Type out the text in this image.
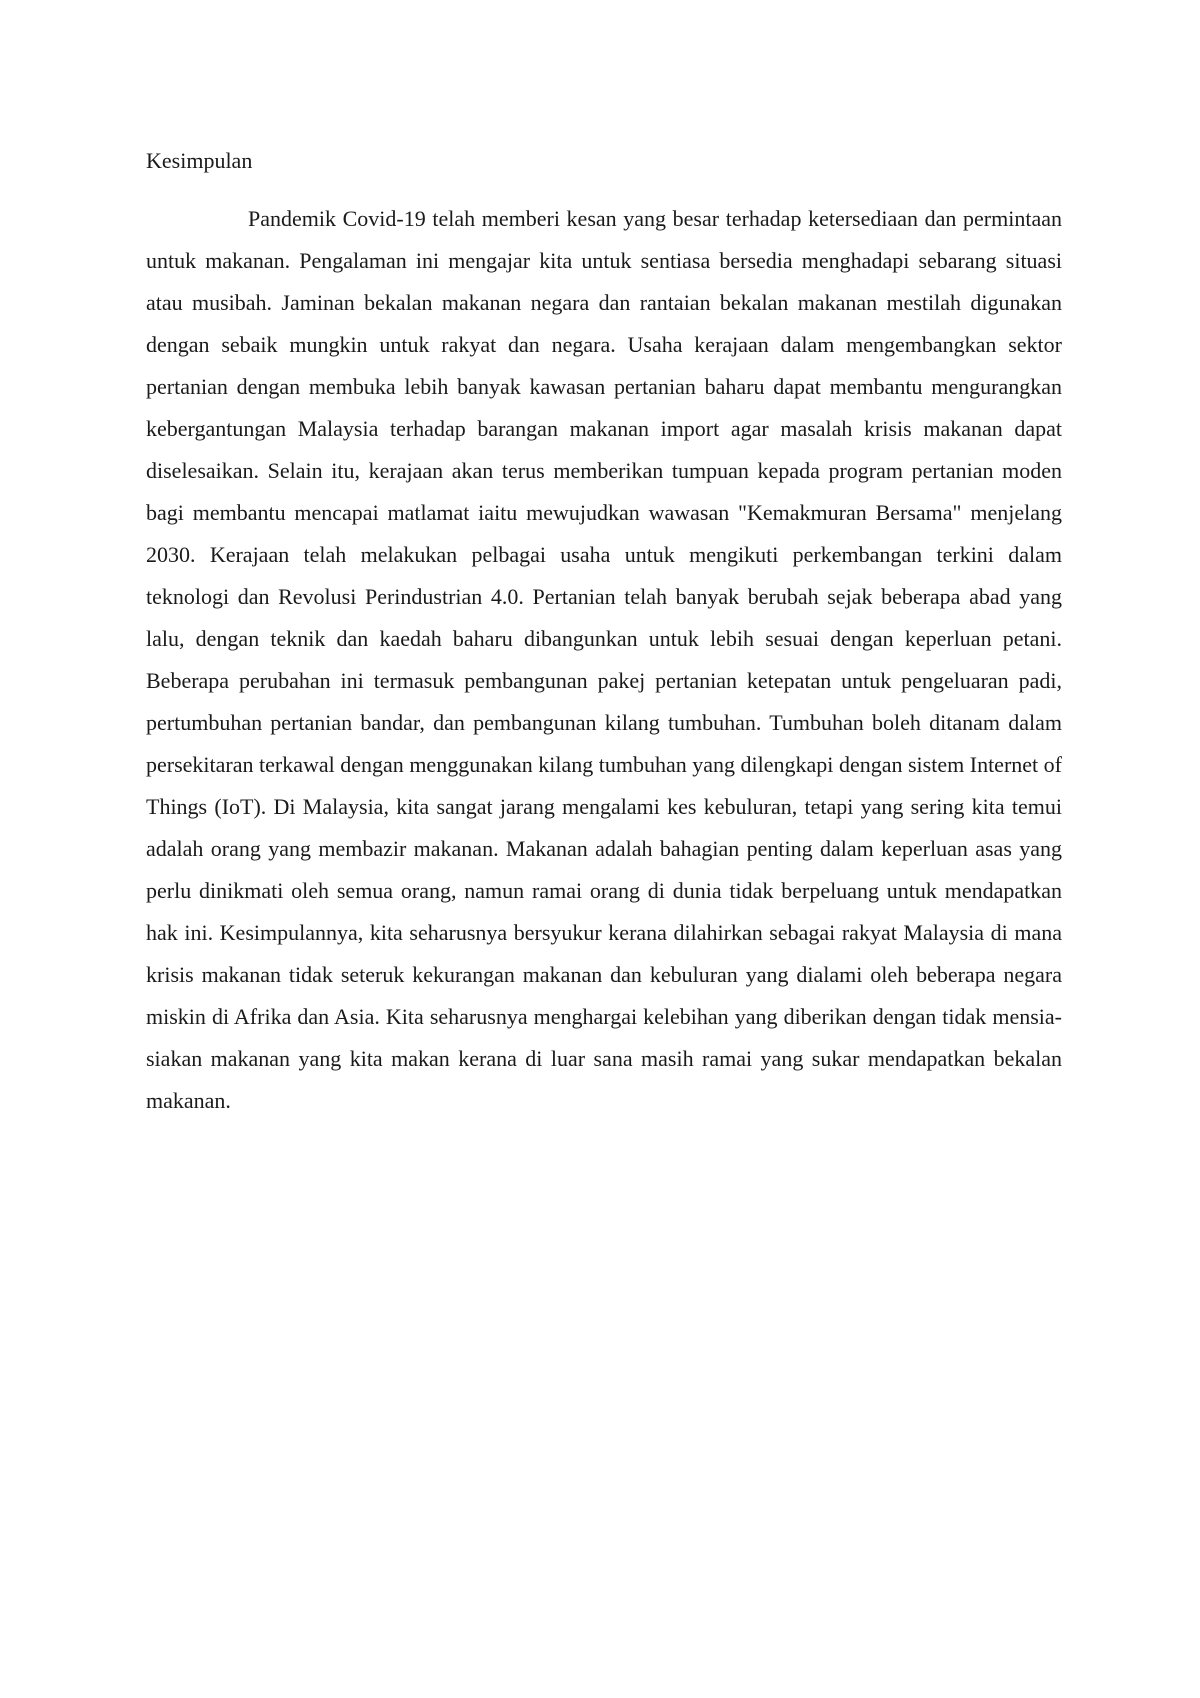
Kesimpulan

Pandemik Covid-19 telah memberi kesan yang besar terhadap ketersediaan dan permintaan untuk makanan. Pengalaman ini mengajar kita untuk sentiasa bersedia menghadapi sebarang situasi atau musibah. Jaminan bekalan makanan negara dan rantaian bekalan makanan mestilah digunakan dengan sebaik mungkin untuk rakyat dan negara. Usaha kerajaan dalam mengembangkan sektor pertanian dengan membuka lebih banyak kawasan pertanian baharu dapat membantu mengurangkan kebergantungan Malaysia terhadap barangan makanan import agar masalah krisis makanan dapat diselesaikan. Selain itu, kerajaan akan terus memberikan tumpuan kepada program pertanian moden bagi membantu mencapai matlamat iaitu mewujudkan wawasan "Kemakmuran Bersama" menjelang 2030. Kerajaan telah melakukan pelbagai usaha untuk mengikuti perkembangan terkini dalam teknologi dan Revolusi Perindustrian 4.0. Pertanian telah banyak berubah sejak beberapa abad yang lalu, dengan teknik dan kaedah baharu dibangunkan untuk lebih sesuai dengan keperluan petani. Beberapa perubahan ini termasuk pembangunan pakej pertanian ketepatan untuk pengeluaran padi, pertumbuhan pertanian bandar, dan pembangunan kilang tumbuhan. Tumbuhan boleh ditanam dalam persekitaran terkawal dengan menggunakan kilang tumbuhan yang dilengkapi dengan sistem Internet of Things (IoT). Di Malaysia, kita sangat jarang mengalami kes kebuluran, tetapi yang sering kita temui adalah orang yang membazir makanan. Makanan adalah bahagian penting dalam keperluan asas yang perlu dinikmati oleh semua orang, namun ramai orang di dunia tidak berpeluang untuk mendapatkan hak ini. Kesimpulannya, kita seharusnya bersyukur kerana dilahirkan sebagai rakyat Malaysia di mana krisis makanan tidak seteruk kekurangan makanan dan kebuluran yang dialami oleh beberapa negara miskin di Afrika dan Asia. Kita seharusnya menghargai kelebihan yang diberikan dengan tidak mensia-siakan makanan yang kita makan kerana di luar sana masih ramai yang sukar mendapatkan bekalan makanan.
